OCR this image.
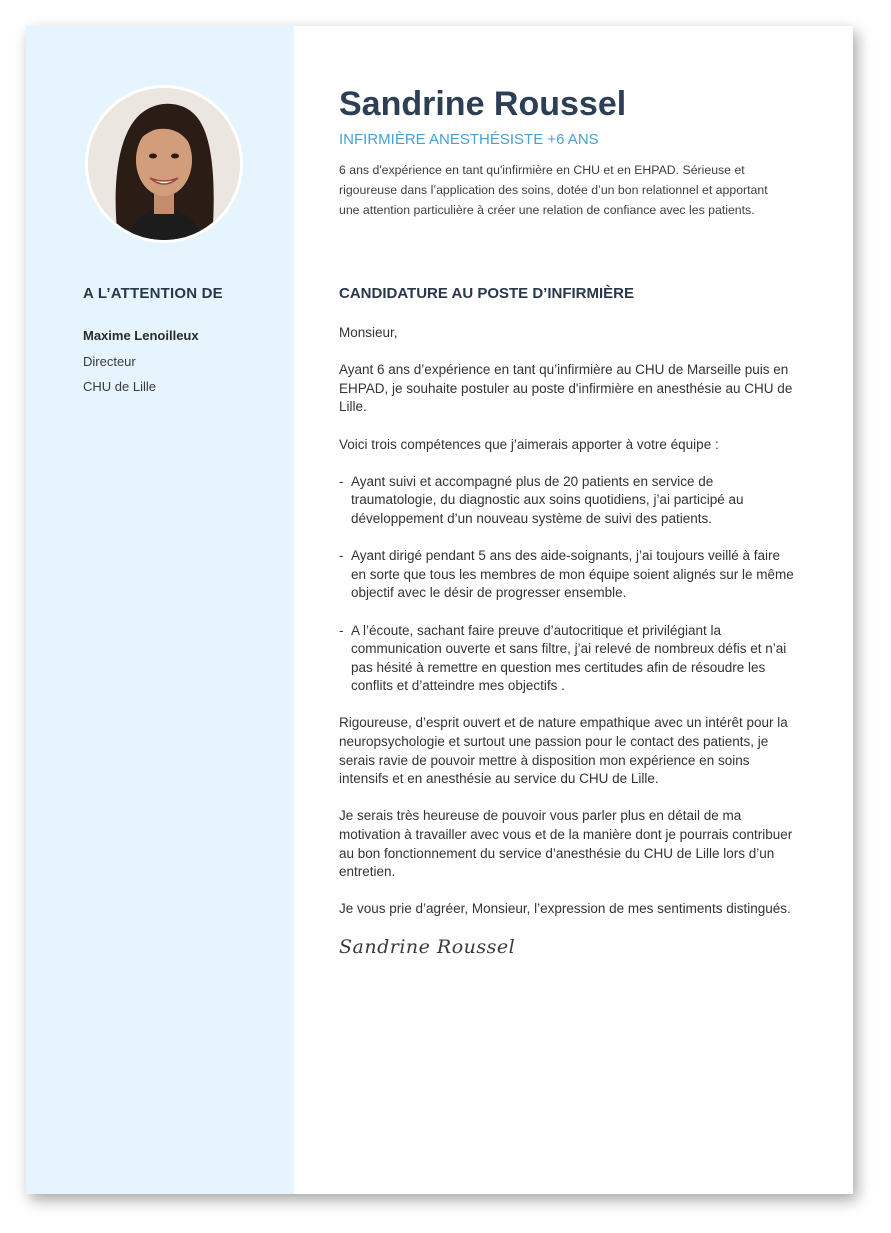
A L’ATTENTION DE
Maxime Lenoilleux
Directeur
CHU de Lille
Sandrine Roussel
INFIRMIÈRE ANESTHÉSISTE +6 ANS
6 ans d'expérience en tant qu'infirmière en CHU et en EHPAD. Sérieuse et rigoureuse dans l’application des soins, dotée d’un bon relationnel et apportant une attention particulière à créer une relation de confiance avec les patients.
CANDIDATURE AU POSTE D’INFIRMIÈRE

Monsieur,

Ayant 6 ans d’expérience en tant qu’infirmière au CHU de Marseille puis en EHPAD, je souhaite postuler au poste d'infirmière en anesthésie au CHU de Lille.

Voici trois compétences que j’aimerais apporter à votre équipe :

- Ayant suivi et accompagné plus de 20 patients en service de traumatologie, du diagnostic aux soins quotidiens, j’ai participé au développement d’un nouveau système de suivi des patients.
- Ayant dirigé pendant 5 ans des aide-soignants, j’ai toujours veillé à faire en sorte que tous les membres de mon équipe soient alignés sur le même objectif avec le désir de progresser ensemble.
- A l’écoute, sachant faire preuve d’autocritique et privilégiant la communication ouverte et sans filtre, j’ai relevé de nombreux défis et n’ai pas hésité à remettre en question mes certitudes afin de résoudre les conflits et d’atteindre mes objectifs .

Rigoureuse, d’esprit ouvert et de nature empathique avec un intérêt pour la neuropsychologie et surtout une passion pour le contact des patients, je serais ravie de pouvoir mettre à disposition mon expérience en soins intensifs et en anesthésie au service du CHU de Lille.

Je serais très heureuse de pouvoir vous parler plus en détail de ma motivation à travailler avec vous et de la manière dont je pourrais contribuer au bon fonctionnement du service d’anesthésie du CHU de Lille lors d’un entretien.

Je vous prie d’agréer, Monsieur, l’expression de mes sentiments distingués.

Sandrine Roussel
